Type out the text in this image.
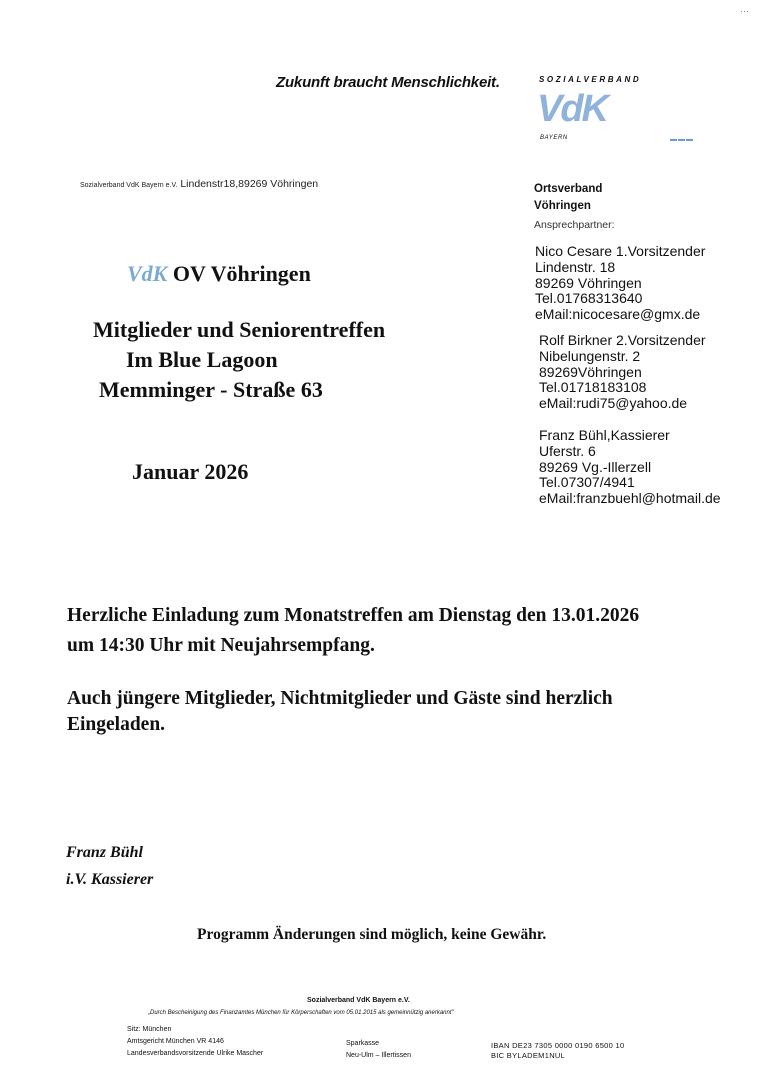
···
Zukunft braucht Menschlichkeit.	SOZIALVERBAND
VdK
BAYERN	▬▬▬
Sozialverband VdK Bayern e.V. Lindenstr18,89269 Vöhringen	Ortsverband
Vöhringen
Ansprechpartner:
Nico Cesare 1.Vorsitzender
Lindenstr. 18
89269 Vöhringen
Tel.01768313640
eMail:nicocesare@gmx.de
Rolf Birkner 2.Vorsitzender
Nibelungenstr. 2
89269Vöhringen
Tel.01718183108
eMail:rudi75@yahoo.de
Franz Bühl,Kassierer
Uferstr. 6
89269 Vg.-Illerzell
Tel.07307/4941
eMail:franzbuehl@hotmail.de
VdK OV Vöhringen
Mitglieder und Seniorentreffen
Im Blue Lagoon
Memminger - Straße 63
Januar 2026
Herzliche Einladung zum Monatstreffen am Dienstag den 13.01.2026
um 14:30 Uhr mit Neujahrsempfang.
Auch jüngere Mitglieder, Nichtmitglieder und Gäste sind herzlich
Eingeladen.
Franz Bühl
i.V. Kassierer
Programm Änderungen sind möglich, keine Gewähr.
Sozialverband VdK Bayern e.V.
„Durch Bescheinigung des Finanzamtes München für Körperschaften vom 05.01.2015 als gemeinnützig anerkannt"
Sitz: München
Amtsgericht München VR 4146
Landesverbandsvorsitzende Ulrike Mascher
Sparkasse
Neu-Ulm – Illertissen
IBAN DE23 7305 0000 0190 6500 10
BIC BYLADEM1NUL
